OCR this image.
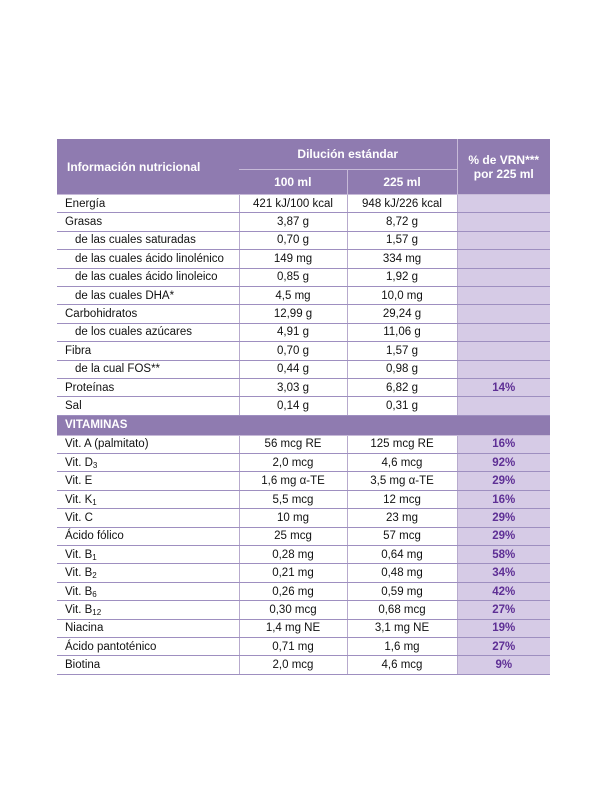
Información nutricional	Dilución estándar		% de VRN***
por 225 ml
	100 ml	225 ml	
Energía	421 kJ/100 kcal	948 kJ/226 kcal	
Grasas	3,87 g	8,72 g	
de las cuales saturadas	0,70 g	1,57 g	
de las cuales ácido linolénico	149 mg	334 mg	
de las cuales ácido linoleico	0,85 g	1,92 g	
de las cuales DHA*	4,5 mg	10,0 mg	
Carbohidratos	12,99 g	29,24 g	
de los cuales azúcares	4,91 g	11,06 g	
Fibra	0,70 g	1,57 g	
de la cual FOS**	0,44 g	0,98 g	
Proteínas	3,03 g	6,82 g	14%
Sal	0,14 g	0,31 g	
VITAMINAS			
Vit. A (palmitato)	56 mcg RE	125 mcg RE	16%
Vit. $D_3$	2,0 mcg	4,6 mcg	92%
Vit. E	1,6 mg α-TE	3,5 mg α-TE	29%
Vit. $K_1$	5,5 mcg	12 mcg	16%
Vit. C	10 mg	23 mg	29%
Ácido fólico	25 mcg	57 mcg	29%
Vit. $B_1$	0,28 mg	0,64 mg	58%
Vit. $B_2$	0,21 mg	0,48 mg	34%
Vit. $B_6$	0,26 mg	0,59 mg	42%
Vit. $B_{12}$	0,30 mcg	0,68 mcg	27%
Niacina	1,4 mg NE	3,1 mg NE	19%
Ácido pantoténico	0,71 mg	1,6 mg	27%
Biotina	2,0 mcg	4,6 mcg	9%
